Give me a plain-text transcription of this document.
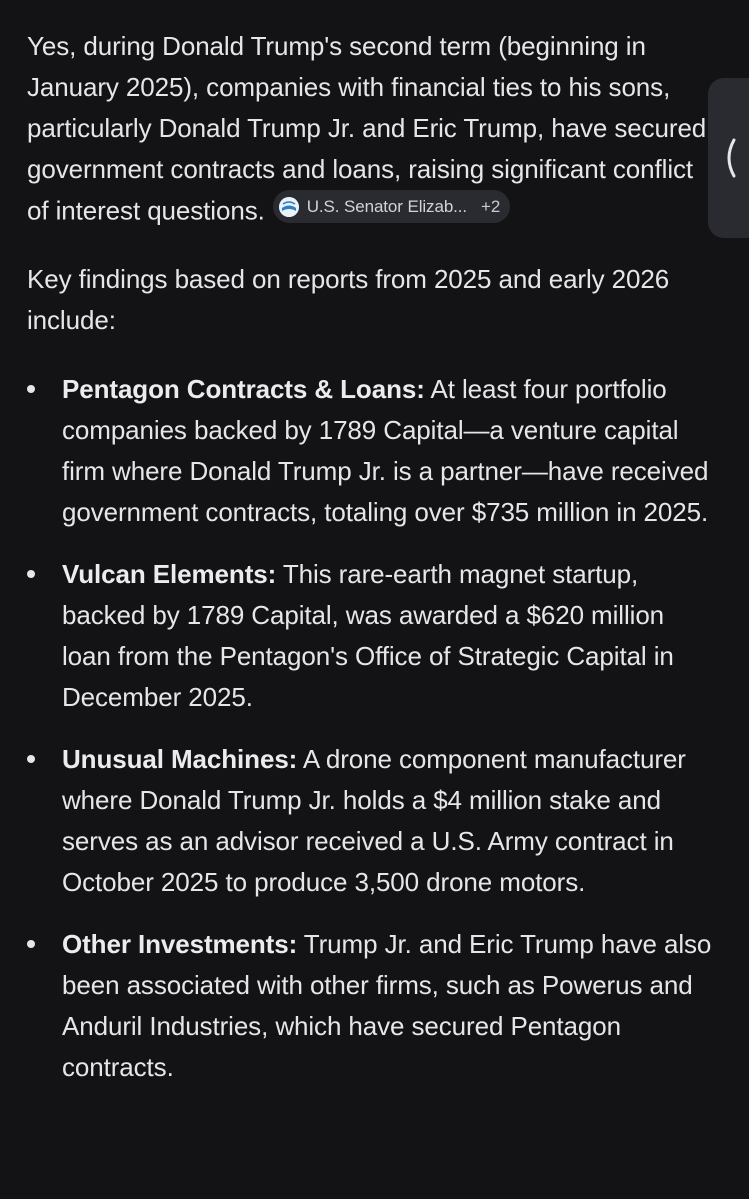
Yes, during Donald Trump's second term (beginning in January 2025), companies with financial ties to his sons, particularly Donald Trump Jr. and Eric Trump, have secured government contracts and loans, raising significant conflict of interest questions. U.S. Senator Elizab... +2

Key findings based on reports from 2025 and early 2026 include:

Pentagon Contracts & Loans: At least four portfolio companies backed by 1789 Capital—a venture capital firm where Donald Trump Jr. is a partner—have received government contracts, totaling over $735 million in 2025.
Vulcan Elements: This rare-earth magnet startup, backed by 1789 Capital, was awarded a $620 million loan from the Pentagon's Office of Strategic Capital in December 2025.
Unusual Machines: A drone component manufacturer where Donald Trump Jr. holds a $4 million stake and serves as an advisor received a U.S. Army contract in October 2025 to produce 3,500 drone motors.
Other Investments: Trump Jr. and Eric Trump have also been associated with other firms, such as Powerus and Anduril Industries, which have secured Pentagon contracts.
